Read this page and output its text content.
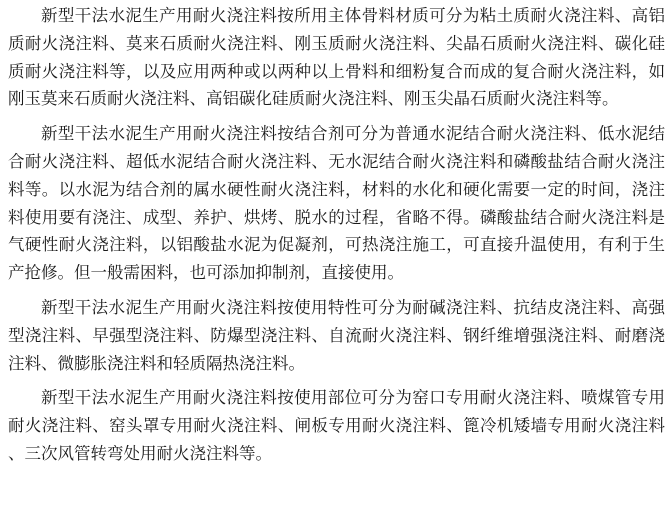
新型干法水泥生产用耐火浇注料按所用主体骨料材质可分为粘土质耐火浇注料、高铝质耐火浇注料、莫来石质耐火浇注料、刚玉质耐火浇注料、尖晶石质耐火浇注料、碳化硅质耐火浇注料等，以及应用两种或以两种以上骨料和细粉复合而成的复合耐火浇注料，如刚玉莫来石质耐火浇注料、高铝碳化硅质耐火浇注料、刚玉尖晶石质耐火浇注料等。

新型干法水泥生产用耐火浇注料按结合剂可分为普通水泥结合耐火浇注料、低水泥结合耐火浇注料、超低水泥结合耐火浇注料、无水泥结合耐火浇注料和磷酸盐结合耐火浇注料等。以水泥为结合剂的属水硬性耐火浇注料，材料的水化和硬化需要一定的时间，浇注料使用要有浇注、成型、养护、烘烤、脱水的过程，省略不得。磷酸盐结合耐火浇注料是气硬性耐火浇注料，以铝酸盐水泥为促凝剂，可热浇注施工，可直接升温使用，有利于生产抢修。但一般需困料，也可添加抑制剂，直接使用。

新型干法水泥生产用耐火浇注料按使用特性可分为耐碱浇注料、抗结皮浇注料、高强型浇注料、早强型浇注料、防爆型浇注料、自流耐火浇注料、钢纤维增强浇注料、耐磨浇注料、微膨胀浇注料和轻质隔热浇注料。

新型干法水泥生产用耐火浇注料按使用部位可分为窑口专用耐火浇注料、喷煤管专用耐火浇注料、窑头罩专用耐火浇注料、闸板专用耐火浇注料、篦冷机矮墙专用耐火浇注料、三次风管转弯处用耐火浇注料等。
